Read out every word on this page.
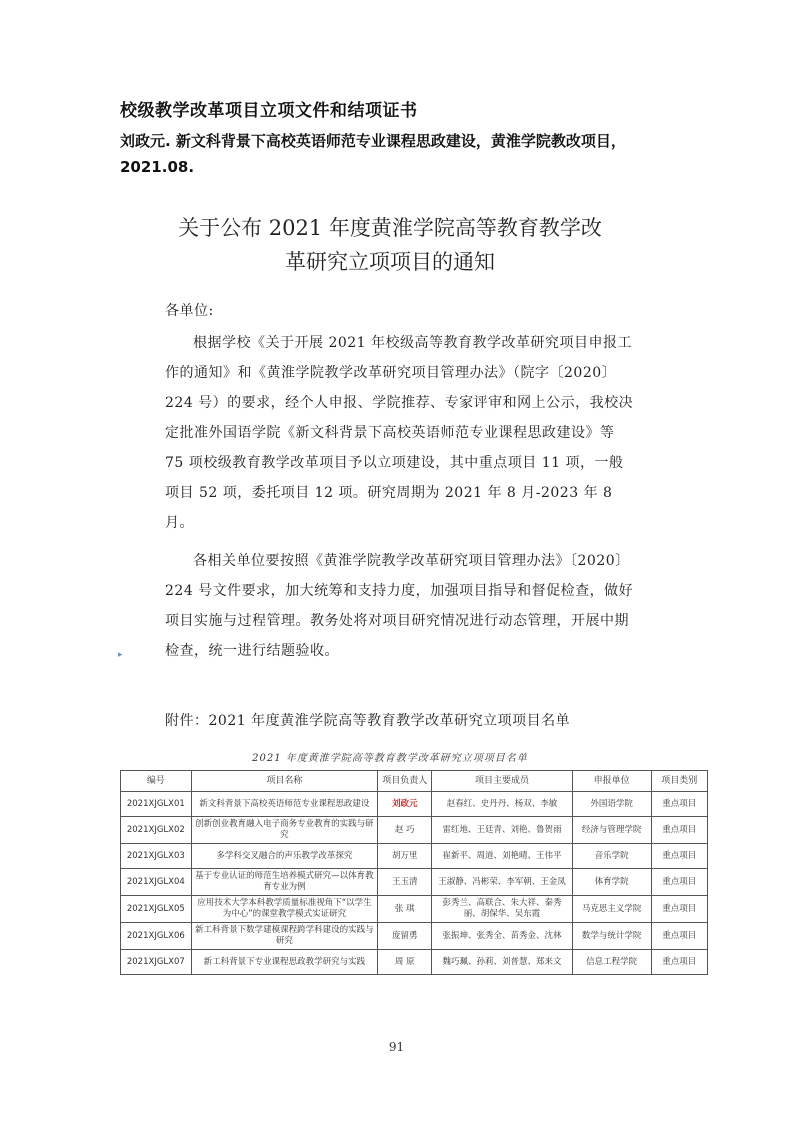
校级教学改革项目立项文件和结项证书
刘政元. 新文科背景下高校英语师范专业课程思政建设，黄淮学院教改项目，2021.08.
关于公布 2021 年度黄淮学院高等教育教学改
革研究立项项目的通知
各单位:
根据学校《关于开展 2021 年校级高等教育教学改革研究项目申报工作的通知》和《黄淮学院教学改革研究项目管理办法》（院字〔2020〕224 号）的要求，经个人申报、学院推荐、专家评审和网上公示，我校决定批准外国语学院《新文科背景下高校英语师范专业课程思政建设》等 75 项校级教育教学改革项目予以立项建设，其中重点项目 11 项，一般项目 52 项，委托项目 12 项。研究周期为 2021 年 8 月-2023 年 8 月。
各相关单位要按照《黄淮学院教学改革研究项目管理办法》〔2020〕224 号文件要求，加大统筹和支持力度，加强项目指导和督促检查，做好项目实施与过程管理。教务处将对项目研究情况进行动态管理，开展中期检查，统一进行结题验收。
▸
附件：2021 年度黄淮学院高等教育教学改革研究立项项目名单
2021 年度黄淮学院高等教育教学改革研究立项项目名单
编号	项目名称	项目负责人	项目主要成员	申报单位	项目类别
2021XJGLX01	新文科背景下高校英语师范专业课程思政建设	刘政元	赵春红、史丹丹、杨双、李敏	外国语学院	重点项目
2021XJGLX02	创新创业教育融入电子商务专业教育的实践与研究	赵 巧	雷红地、王廷青、刘艳、鲁贺雨	经济与管理学院	重点项目
2021XJGLX03	多学科交叉融合的声乐教学改革探究	胡万里	崔新平、周道、刘艳晴、王伟平	音乐学院	重点项目
2021XJGLX04	基于专业认证的师范生培养模式研究—以体育教育专业为例	王玉清	王淑静、冯彬荣、李军朝、王金凤	体育学院	重点项目
2021XJGLX05	应用技术大学本科教学质量标准视角下“以学生为中心”的课堂教学模式实证研究	张 琪	彭秀兰、高联合、朱大祥、秦秀丽、胡保华、吴东霞	马克思主义学院	重点项目
2021XJGLX06	新工科背景下数学建模课程跨学科建设的实践与研究	庞留勇	张振坤、张秀全、苗秀金、沈林	数学与统计学院	重点项目
2021XJGLX07	新工科背景下专业课程思政教学研究与实践	周 原	魏巧珮、孙莉、刘普慧、郑来文	信息工程学院	重点项目
91
